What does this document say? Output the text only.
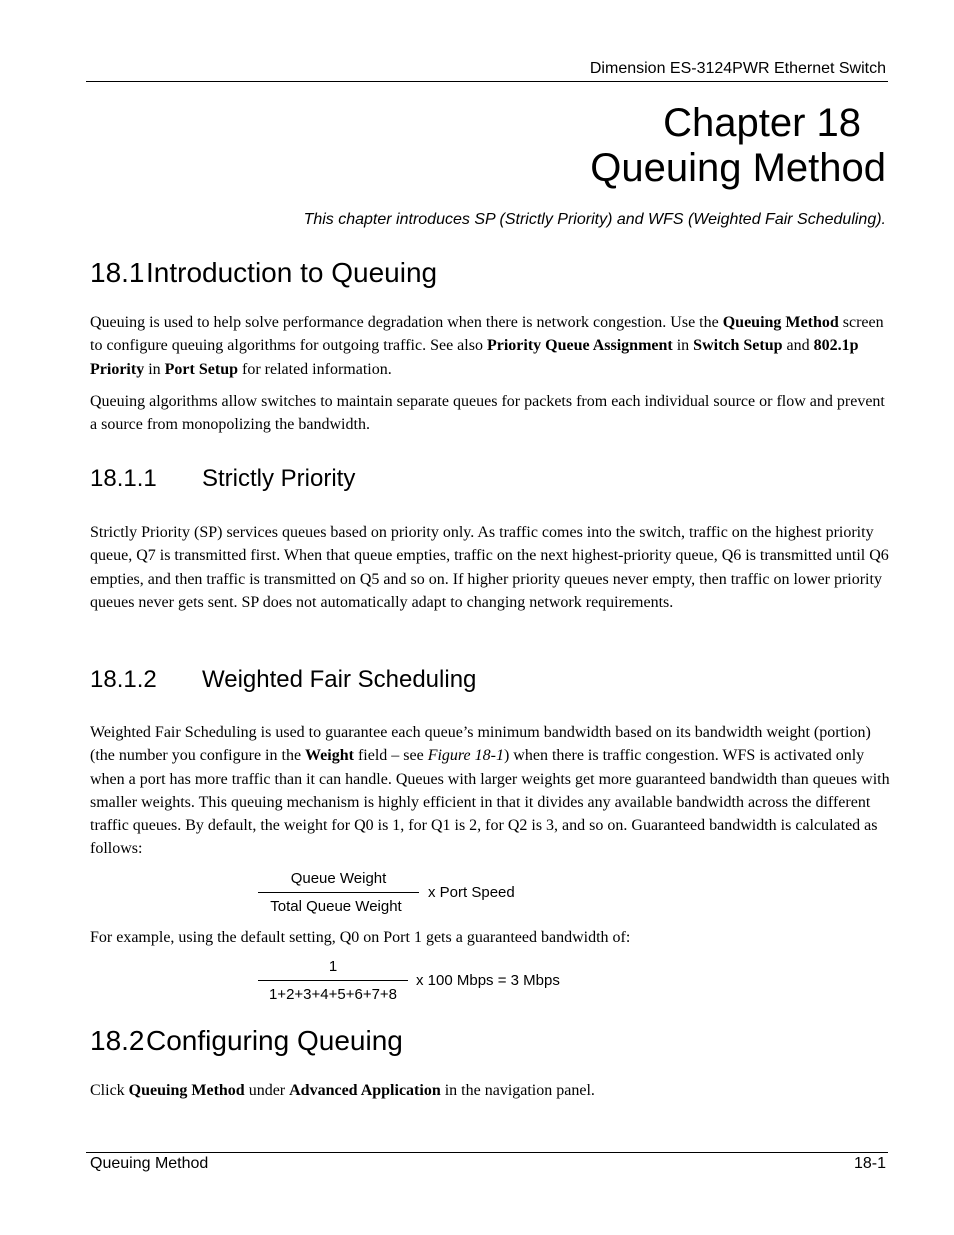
Dimension ES-3124PWR Ethernet Switch
Chapter 18
Queuing Method
This chapter introduces SP (Strictly Priority) and WFS (Weighted Fair Scheduling).
18.1Introduction to Queuing

Queuing is used to help solve performance degradation when there is network congestion. Use the Queuing Method screen to configure queuing algorithms for outgoing traffic. See also Priority Queue Assignment in Switch Setup and 802.1p Priority in Port Setup for related information.

Queuing algorithms allow switches to maintain separate queues for packets from each individual source or flow and prevent a source from monopolizing the bandwidth.

18.1.1 Strictly Priority

Strictly Priority (SP) services queues based on priority only. As traffic comes into the switch, traffic on the highest priority queue, Q7 is transmitted first. When that queue empties, traffic on the next highest-priority queue, Q6 is transmitted until Q6 empties, and then traffic is transmitted on Q5 and so on. If higher priority queues never empty, then traffic on lower priority queues never gets sent. SP does not automatically adapt to changing network requirements.

18.1.2 Weighted Fair Scheduling

Weighted Fair Scheduling is used to guarantee each queue’s minimum bandwidth based on its bandwidth weight (portion) (the number you configure in the Weight field – see Figure 18-1) when there is traffic congestion. WFS is activated only when a port has more traffic than it can handle. Queues with larger weights get more guaranteed bandwidth than queues with smaller weights. This queuing mechanism is highly efficient in that it divides any available bandwidth across the different traffic queues. By default, the weight for Q0 is 1, for Q1 is 2, for Q2 is 3, and so on. Guaranteed bandwidth is calculated as follows:

Queue Weight
Total Queue Weight
x Port Speed

For example, using the default setting, Q0 on Port 1 gets a guaranteed bandwidth of:

1
1+2+3+4+5+6+7+8
x 100 Mbps = 3 Mbps
18.2Configuring Queuing

Click Queuing Method under Advanced Application in the navigation panel.

Queuing Method	18-1
